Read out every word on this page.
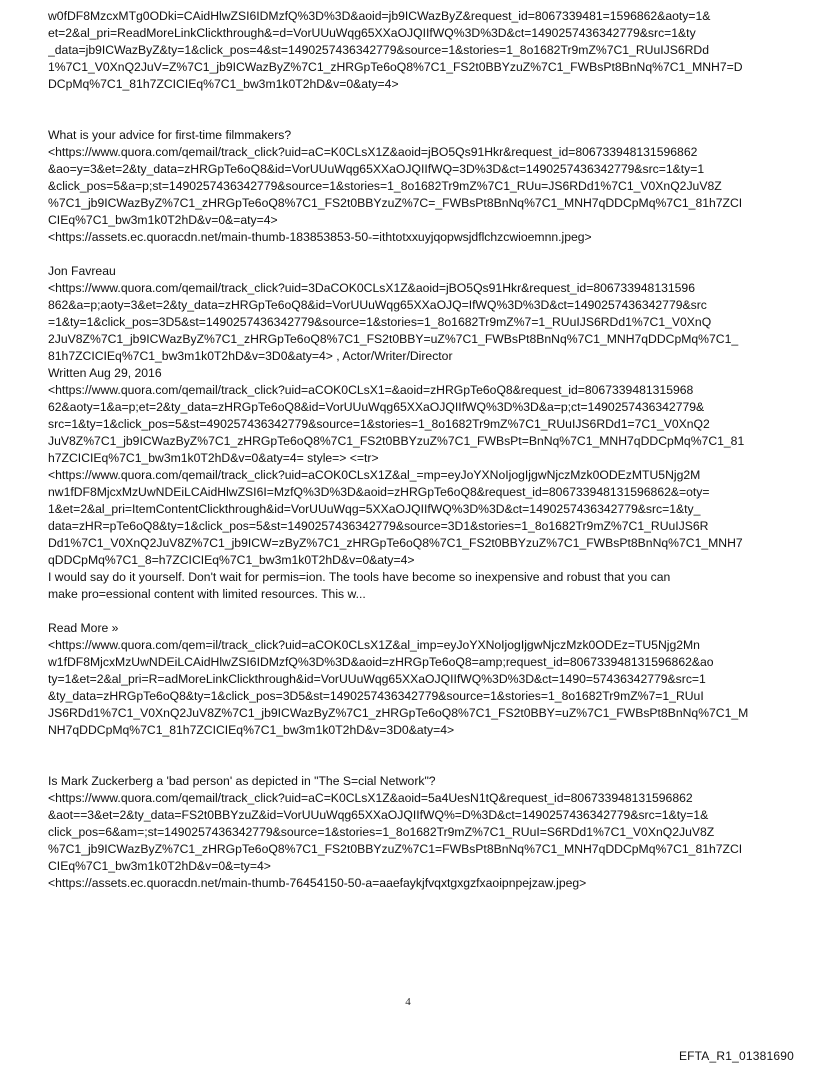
w0fDF8MzcxMTg0ODki=CAidHlwZSI6IDMzfQ%3D%3D&aoid=jb9ICWazByZ&request_id=8067339481=1596862&aoty=1&
et=2&al_pri=ReadMoreLinkClickthrough&=d=VorUUuWqg65XXaOJQIIfWQ%3D%3D&ct=1490257436342779&src=1&ty
_data=jb9ICWazByZ&ty=1&click_pos=4&st=1490257436342779&source=1&stories=1_8o1682Tr9mZ%7C1_RUuIJS6RDd
1%7C1_V0XnQ2JuV=Z%7C1_jb9ICWazByZ%7C1_zHRGpTe6oQ8%7C1_FS2t0BBYzuZ%7C1_FWBsPt8BnNq%7C1_MNH7=D
DCpMq%7C1_81h7ZCICIEq%7C1_bw3m1k0T2hD&v=0&aty=4>
What is your advice for first-time filmmakers?
<https://www.quora.com/qemail/track_click?uid=aC=K0CLsX1Z&aoid=jBO5Qs91Hkr&request_id=806733948131596862
&ao=y=3&et=2&ty_data=zHRGpTe6oQ8&id=VorUUuWqg65XXaOJQIIfWQ=3D%3D&ct=1490257436342779&src=1&ty=1
&click_pos=5&a=p;st=1490257436342779&source=1&stories=1_8o1682Tr9mZ%7C1_RUu=JS6RDd1%7C1_V0XnQ2JuV8Z
%7C1_jb9ICWazByZ%7C1_zHRGpTe6oQ8%7C1_FS2t0BBYzuZ%7C=_FWBsPt8BnNq%7C1_MNH7qDDCpMq%7C1_81h7ZCI
CIEq%7C1_bw3m1k0T2hD&v=0&=aty=4>
<https://assets.ec.quoracdn.net/main-thumb-183853853-50-=ithtotxxuyjqopwsjdflchzcwioemnn.jpeg>
Jon Favreau
<https://www.quora.com/qemail/track_click?uid=3DaCOK0CLsX1Z&aoid=jBO5Qs91Hkr&request_id=806733948131596
862&a=p;aoty=3&et=2&ty_data=zHRGpTe6oQ8&id=VorUUuWqg65XXaOJQ=IfWQ%3D%3D&ct=1490257436342779&src
=1&ty=1&click_pos=3D5&st=1490257436342779&source=1&stories=1_8o1682Tr9mZ%7=1_RUuIJS6RDd1%7C1_V0XnQ
2JuV8Z%7C1_jb9ICWazByZ%7C1_zHRGpTe6oQ8%7C1_FS2t0BBY=uZ%7C1_FWBsPt8BnNq%7C1_MNH7qDDCpMq%7C1_
81h7ZCICIEq%7C1_bw3m1k0T2hD&v=3D0&aty=4> , Actor/Writer/Director
Written Aug 29, 2016
<https://www.quora.com/qemail/track_click?uid=aCOK0CLsX1=&aoid=zHRGpTe6oQ8&request_id=8067339481315968
62&aoty=1&a=p;et=2&ty_data=zHRGpTe6oQ8&id=VorUUuWqg65XXaOJQIIfWQ%3D%3D&a=p;ct=1490257436342779&
src=1&ty=1&click_pos=5&st=490257436342779&source=1&stories=1_8o1682Tr9mZ%7C1_RUuIJS6RDd1=7C1_V0XnQ2
JuV8Z%7C1_jb9ICWazByZ%7C1_zHRGpTe6oQ8%7C1_FS2t0BBYzuZ%7C1_FWBsPt=BnNq%7C1_MNH7qDDCpMq%7C1_81
h7ZCICIEq%7C1_bw3m1k0T2hD&v=0&aty=4= style=> <=tr>
<https://www.quora.com/qemail/track_click?uid=aCOK0CLsX1Z&al_=mp=eyJoYXNoIjogIjgwNjczMzk0ODEzMTU5Njg2M
nw1fDF8MjcxMzUwNDEiLCAidHlwZSI6I=MzfQ%3D%3D&aoid=zHRGpTe6oQ8&request_id=806733948131596862&=oty=
1&et=2&al_pri=ItemContentClickthrough&id=VorUUuWqg=5XXaOJQIIfWQ%3D%3D&ct=1490257436342779&src=1&ty_
data=zHR=pTe6oQ8&ty=1&click_pos=5&st=1490257436342779&source=3D1&stories=1_8o1682Tr9mZ%7C1_RUuIJS6R
Dd1%7C1_V0XnQ2JuV8Z%7C1_jb9ICW=zByZ%7C1_zHRGpTe6oQ8%7C1_FS2t0BBYzuZ%7C1_FWBsPt8BnNq%7C1_MNH7
qDDCpMq%7C1_8=h7ZCICIEq%7C1_bw3m1k0T2hD&v=0&aty=4>
I would say do it yourself. Don't wait for permis=ion. The tools have become so inexpensive and robust that you can
make pro=essional content with limited resources. This w...
Read More »
<https://www.quora.com/qem=il/track_click?uid=aCOK0CLsX1Z&al_imp=eyJoYXNoIjogIjgwNjczMzk0ODEz=TU5Njg2Mn
w1fDF8MjcxMzUwNDEiLCAidHlwZSI6IDMzfQ%3D%3D&aoid=zHRGpTe6oQ8=amp;request_id=806733948131596862&ao
ty=1&et=2&al_pri=R=adMoreLinkClickthrough&id=VorUUuWqg65XXaOJQIIfWQ%3D%3D&ct=1490=57436342779&src=1
&ty_data=zHRGpTe6oQ8&ty=1&click_pos=3D5&st=1490257436342779&source=1&stories=1_8o1682Tr9mZ%7=1_RUuI
JS6RDd1%7C1_V0XnQ2JuV8Z%7C1_jb9ICWazByZ%7C1_zHRGpTe6oQ8%7C1_FS2t0BBY=uZ%7C1_FWBsPt8BnNq%7C1_M
NH7qDDCpMq%7C1_81h7ZCICIEq%7C1_bw3m1k0T2hD&v=3D0&aty=4>
Is Mark Zuckerberg a 'bad person' as depicted in "The S=cial Network"?
<https://www.quora.com/qemail/track_click?uid=aC=K0CLsX1Z&aoid=5a4UesN1tQ&request_id=806733948131596862
&aot==3&et=2&ty_data=FS2t0BBYzuZ&id=VorUUuWqg65XXaOJQIIfWQ%=D%3D&ct=1490257436342779&src=1&ty=1&
click_pos=6&am=;st=1490257436342779&source=1&stories=1_8o1682Tr9mZ%7C1_RUuI=S6RDd1%7C1_V0XnQ2JuV8Z
%7C1_jb9ICWazByZ%7C1_zHRGpTe6oQ8%7C1_FS2t0BBYzuZ%7C1=FWBsPt8BnNq%7C1_MNH7qDDCpMq%7C1_81h7ZCI
CIEq%7C1_bw3m1k0T2hD&v=0&=ty=4>
<https://assets.ec.quoracdn.net/main-thumb-76454150-50-a=aaefaykjfvqxtgxgzfxaoipnpejzaw.jpeg>
4
EFTA_R1_01381690
